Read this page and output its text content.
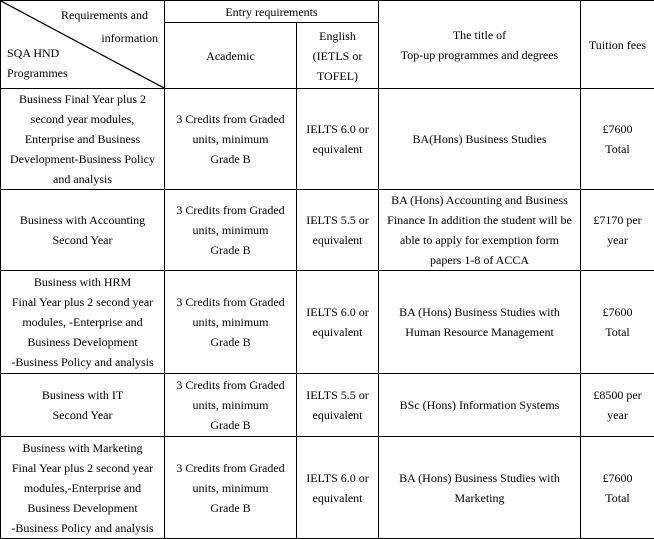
Requirements and
information
SQA HND
Programmes	Entry requirements		The title of
Top-up programmes and degrees	Tuition fees
	Academic	English
(IETLS or
TOFEL)		
Business Final Year plus 2
second year modules,
Enterprise and Business
Development-Business Policy
and analysis	3 Credits from Graded
units, minimum
Grade B	IELTS 6.0 or
equivalent	BA(Hons) Business Studies	£7600
Total
Business with Accounting
Second Year	3 Credits from Graded
units, minimum
Grade B	IELTS 5.5 or
equivalent	BA (Hons) Accounting and Business
Finance In addition the student will be
able to apply for exemption form
papers 1-8 of ACCA	£7170 per
year
Business with HRM
Final Year plus 2 second year
modules, -Enterprise and
Business Development
-Business Policy and analysis	3 Credits from Graded
units, minimum
Grade B	IELTS 6.0 or
equivalent	BA (Hons) Business Studies with
Human Resource Management	£7600
Total
Business with IT
Second Year	3 Credits from Graded
units, minimum
Grade B	IELTS 5.5 or
equivalent	BSc (Hons) Information Systems	£8500 per
year
Business with Marketing
Final Year plus 2 second year
modules,-Enterprise and
Business Development
-Business Policy and analysis	3 Credits from Graded
units, minimum
Grade B	IELTS 6.0 or
equivalent	BA (Hons) Business Studies with
Marketing	£7600
Total
